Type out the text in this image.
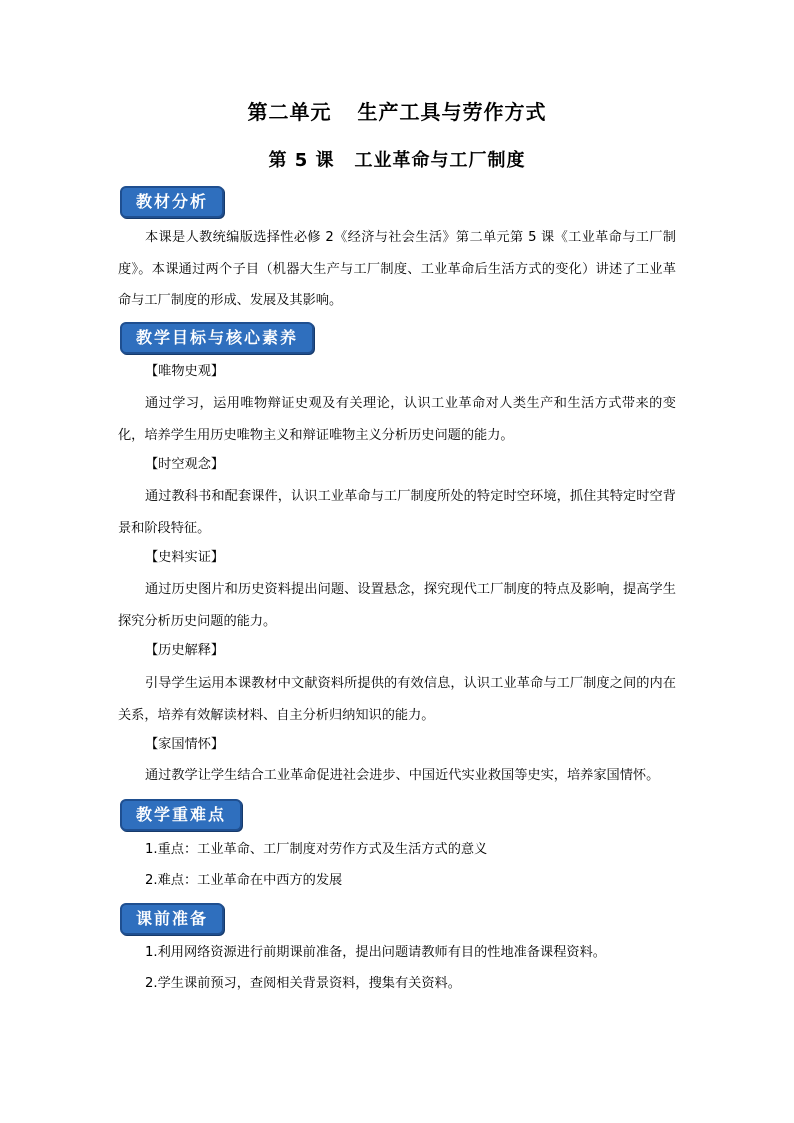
第二单元 生产工具与劳作方式
第 5 课 工业革命与工厂制度
教材分析
本课是人教统编版选择性必修 2《经济与社会生活》第二单元第 5 课《工业革命与工厂制度》。本课通过两个子目（机器大生产与工厂制度、工业革命后生活方式的变化）讲述了工业革命与工厂制度的形成、发展及其影响。
教学目标与核心素养
【唯物史观】
通过学习，运用唯物辩证史观及有关理论，认识工业革命对人类生产和生活方式带来的变化，培养学生用历史唯物主义和辩证唯物主义分析历史问题的能力。
【时空观念】
通过教科书和配套课件，认识工业革命与工厂制度所处的特定时空环境，抓住其特定时空背景和阶段特征。
【史料实证】
通过历史图片和历史资料提出问题、设置悬念，探究现代工厂制度的特点及影响，提高学生探究分析历史问题的能力。
【历史解释】
引导学生运用本课教材中文献资料所提供的有效信息，认识工业革命与工厂制度之间的内在关系，培养有效解读材料、自主分析归纳知识的能力。
【家国情怀】
通过教学让学生结合工业革命促进社会进步、中国近代实业救国等史实，培养家国情怀。
教学重难点
1.重点：工业革命、工厂制度对劳作方式及生活方式的意义
2.难点：工业革命在中西方的发展
课前准备
1.利用网络资源进行前期课前准备，提出问题请教师有目的性地准备课程资料。
2.学生课前预习，查阅相关背景资料，搜集有关资料。
